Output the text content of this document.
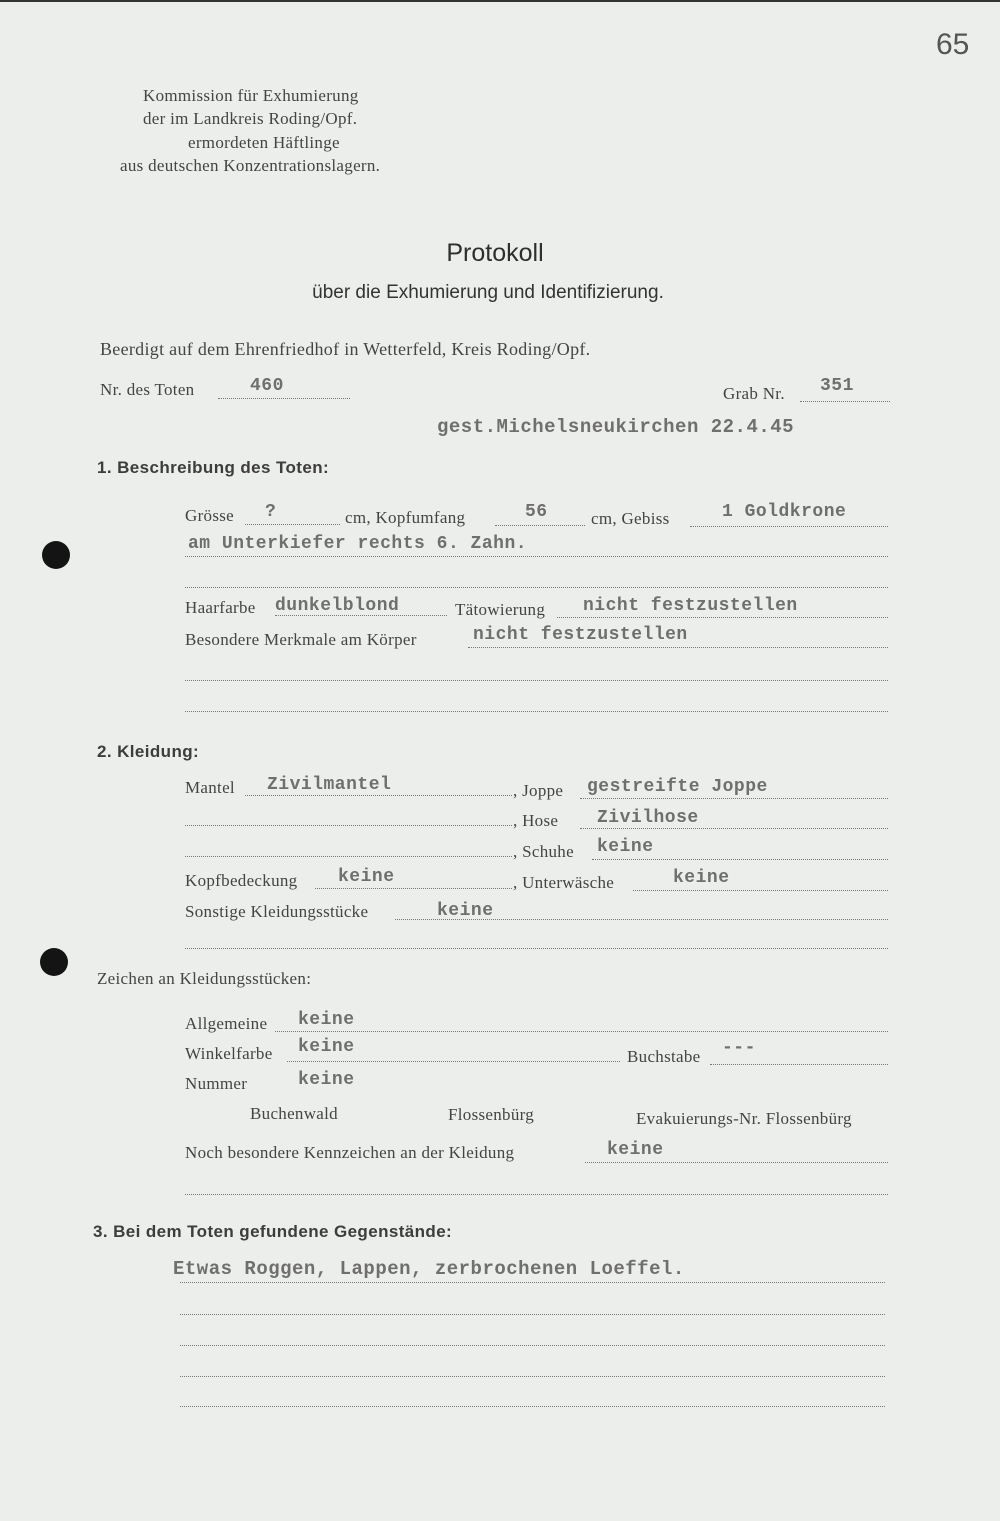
65
Kommission für Exhumierung
der im Landkreis Roding/Opf.
ermordeten Häftlinge
aus deutschen Konzentrationslagern.
Protokoll
über die Exhumierung und Identifizierung.
Beerdigt auf dem Ehrenfriedhof in Wetterfeld, Kreis Roding/Opf.
Nr. des Toten	460	Grab Nr. 351
gest.Michelsneukirchen 22.4.45
1. Beschreibung des Toten:
Grösse ?	cm, Kopfumfang	56	cm, Gebiss	1 Goldkrone
am Unterkiefer rechts 6. Zahn.
Haarfarbe dunkelblond	Tätowierung nicht festzustellen
Besondere Merkmale am Körper	nicht festzustellen
2. Kleidung:
Mantel Zivilmantel	, Joppe gestreifte Joppe
, Hose Zivilhose
, Schuhe keine
Kopfbedeckung keine	, Unterwäsche	keine
Sonstige Kleidungsstücke	keine
Zeichen an Kleidungsstücken:
Allgemeine keine
Winkelfarbe keine	Buchstabe ---
Nummer	keine
Buchenwald	Flossenbürg	Evakuierungs-Nr. Flossenbürg
Noch besondere Kennzeichen an der Kleidung	keine
3. Bei dem Toten gefundene Gegenstände:
Etwas Roggen, Lappen, zerbrochenen Loeffel.
